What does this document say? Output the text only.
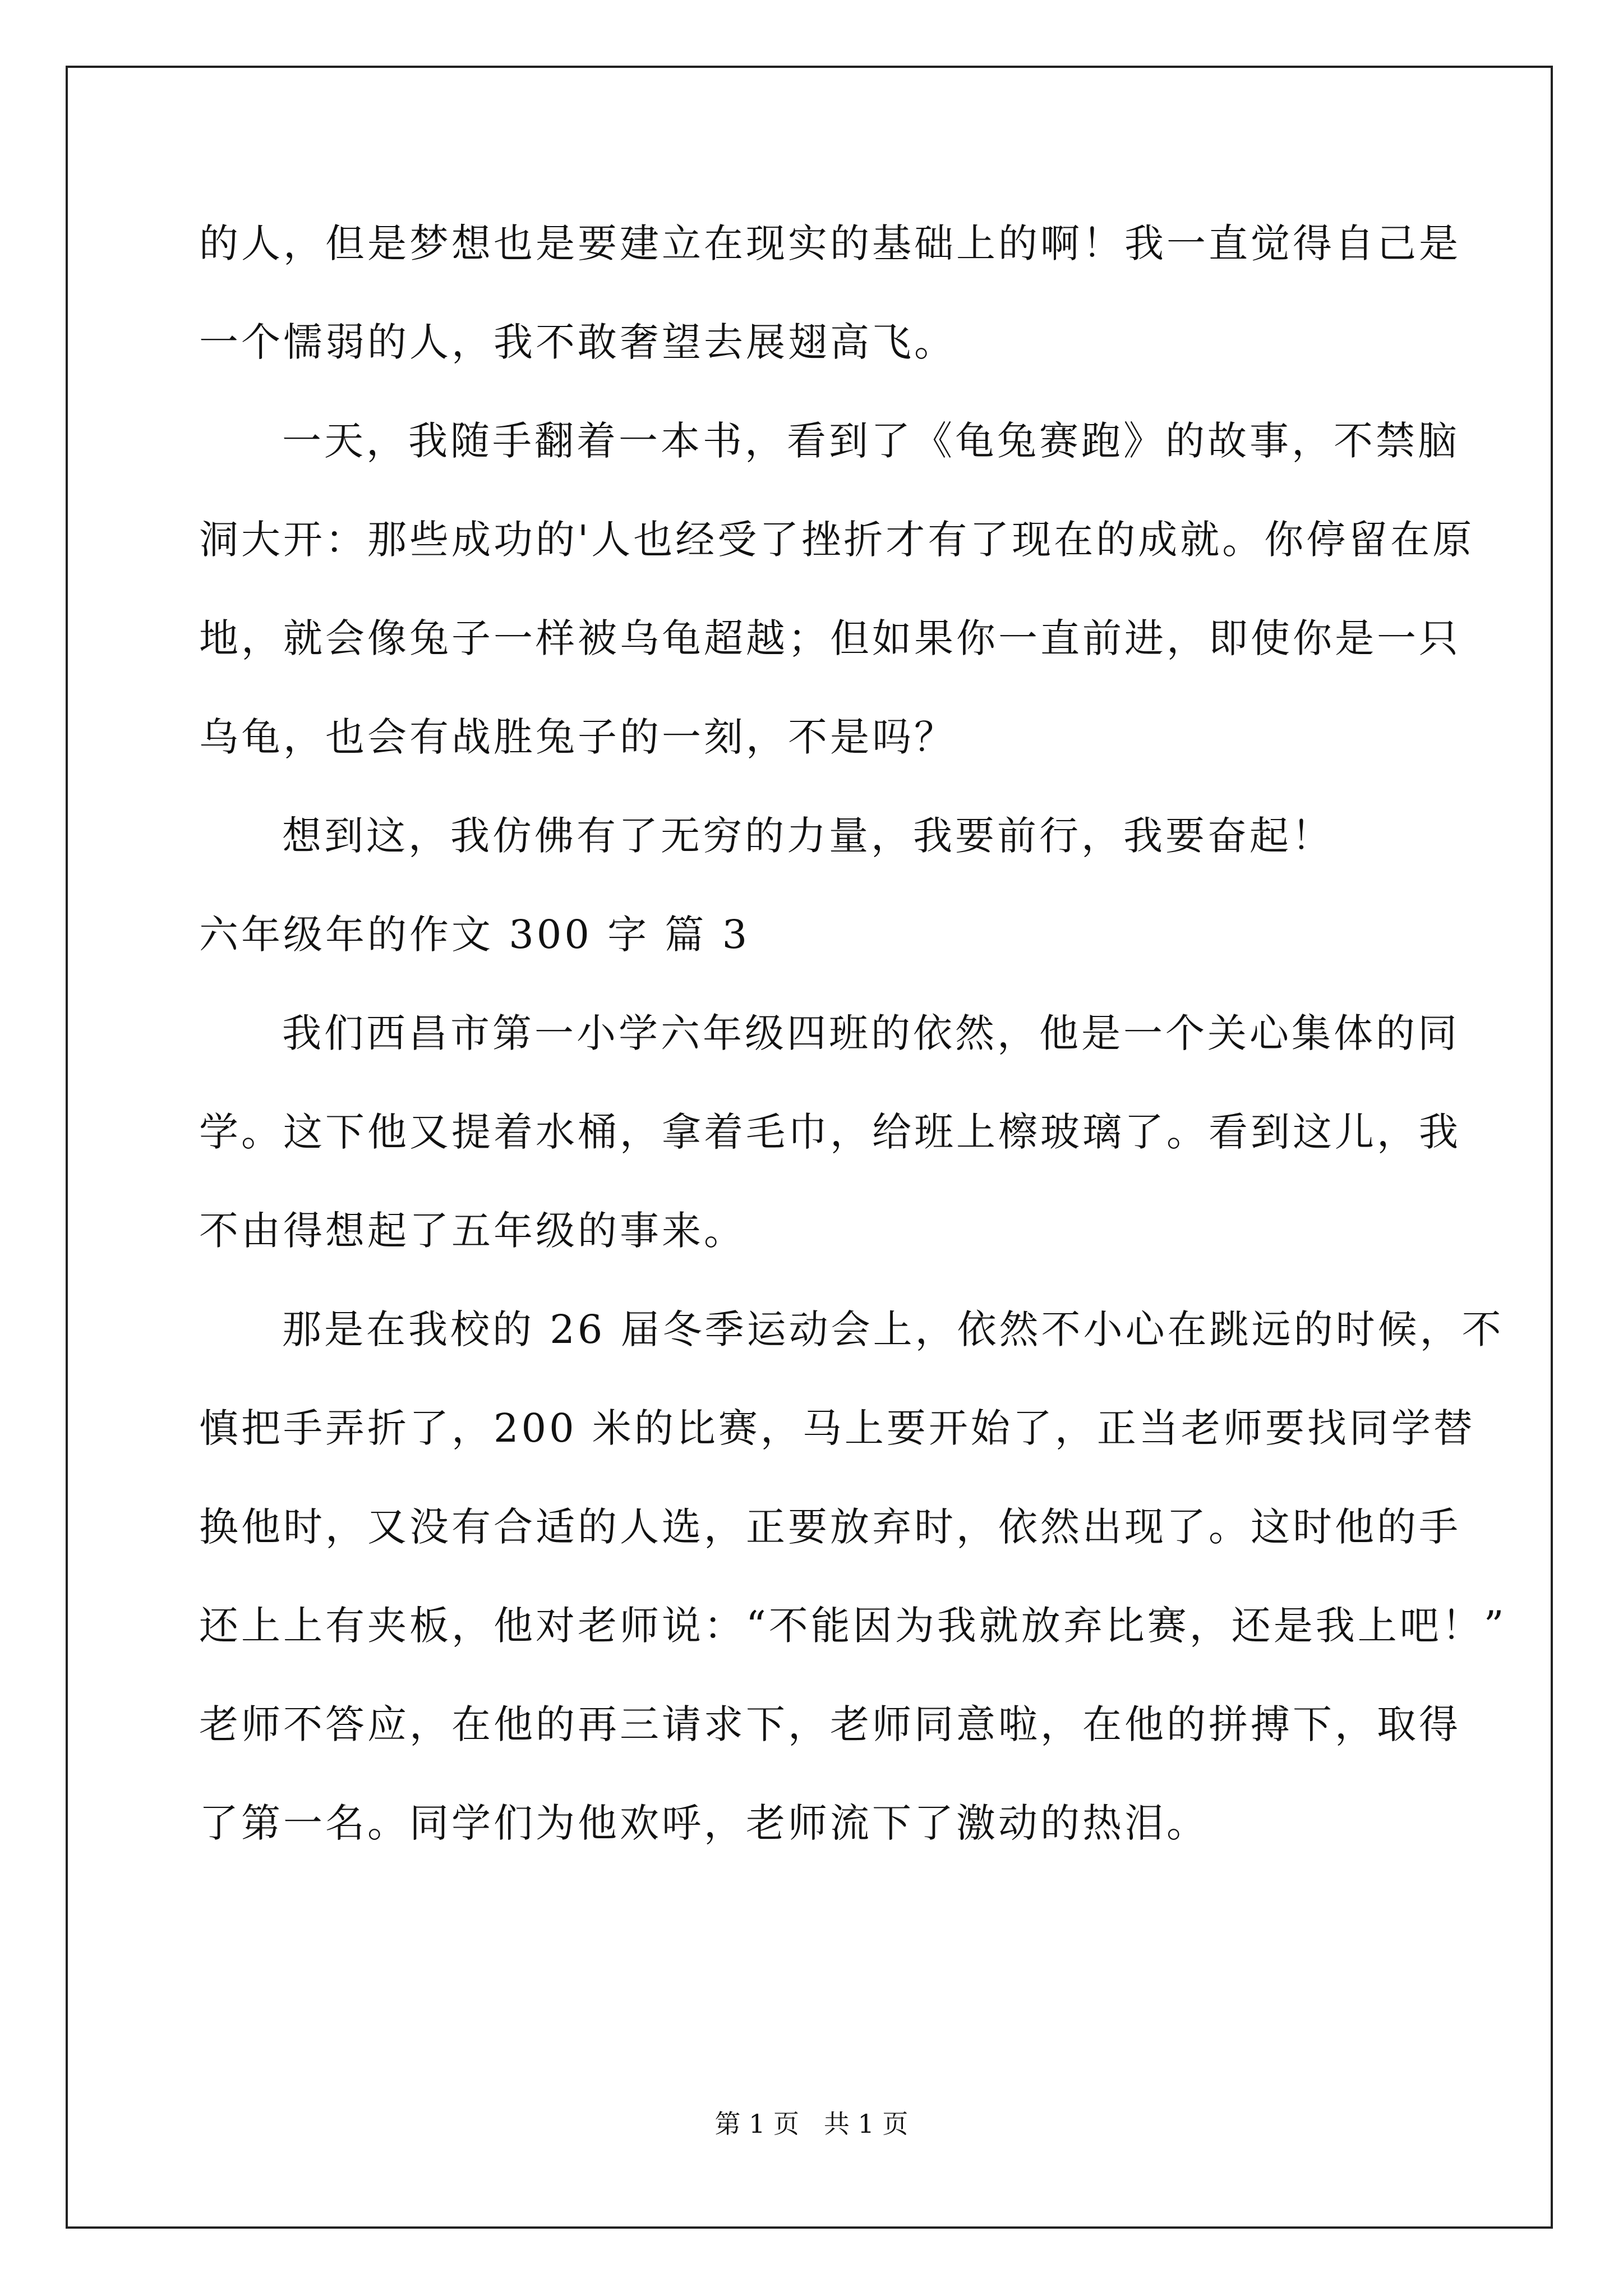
的人，但是梦想也是要建立在现实的基础上的啊！我一直觉得自己是
一个懦弱的人，我不敢奢望去展翅高飞。
一天，我随手翻着一本书，看到了《龟兔赛跑》的故事，不禁脑
洞大开：那些成功的'人也经受了挫折才有了现在的成就。你停留在原
地，就会像兔子一样被乌龟超越；但如果你一直前进，即使你是一只
乌龟，也会有战胜兔子的一刻，不是吗？
想到这，我仿佛有了无穷的力量，我要前行，我要奋起！
六年级年的作文 300 字 篇 3
我们西昌市第一小学六年级四班的依然，他是一个关心集体的同
学。这下他又提着水桶，拿着毛巾，给班上檫玻璃了。看到这儿，我
不由得想起了五年级的事来。
那是在我校的 26 届冬季运动会上，依然不小心在跳远的时候，不
慎把手弄折了，200 米的比赛，马上要开始了，正当老师要找同学替
换他时，又没有合适的人选，正要放弃时，依然出现了。这时他的手
还上上有夹板，他对老师说：“不能因为我就放弃比赛，还是我上吧！”
老师不答应，在他的再三请求下，老师同意啦，在他的拼搏下，取得
了第一名。同学们为他欢呼，老师流下了激动的热泪。
第 1 页   共 1 页
